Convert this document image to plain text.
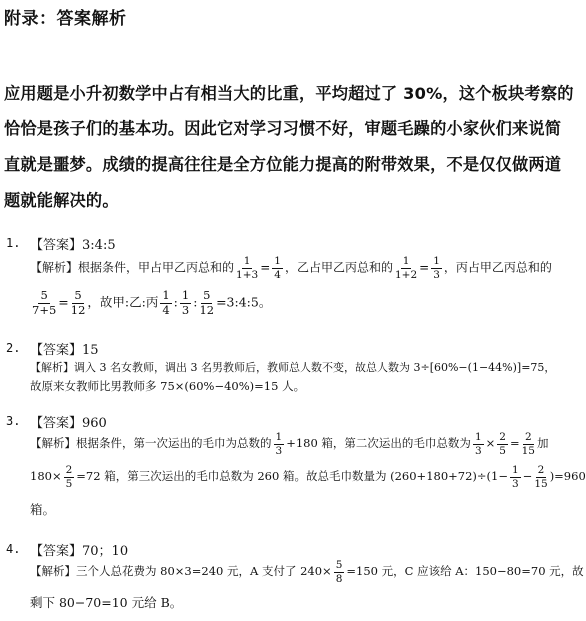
附录：答案解析
应用题是小升初数学中占有相当大的比重，平均超过了 30%，这个板块考察的
恰恰是孩子们的基本功。因此它对学习习惯不好，审题毛躁的小家伙们来说简
直就是噩梦。成绩的提高往往是全方位能力提高的附带效果，不是仅仅做两道
题就能解决的。
1. 【答案】3:4:5
【解析】根据条件，甲占甲乙丙总和的 $\frac{1}{1+3} = \frac{1}{4}$ ，乙占甲乙丙总和的 $\frac{1}{1+2} = \frac{1}{3}$ ，丙占甲乙丙总和的
$\frac{5}{7+5} = \frac{5}{12}$ ，故甲:乙:丙 $\frac{1}{4}$ : $\frac{1}{3}$ : $\frac{5}{12}$ =3:4:5。
2. 【答案】15
【解析】调入 3 名女教师，调出 3 名男教师后，教师总人数不变，故总人数为 3÷[60%−(1−44%)]=75，
故原来女教师比男教师多 75×(60%−40%)=15 人。
3. 【答案】960
【解析】根据条件，第一次运出的毛巾为总数的 $\frac{1}{3} +180$ 箱，第二次运出的毛巾总数为 $\frac{1}{3} \times \frac{2}{5} = \frac{2}{15}$ 加
$180\times \frac{2}{5} =72$ 箱，第三次运出的毛巾总数为 260 箱。故总毛巾数量为 $(260+180+72)\div(1- \frac{1}{3} - \frac{2}{15} )=960$
箱。
4. 【答案】70；10
【解析】三个人总花费为 80×3=240 元，A 支付了 $240\times \frac{5}{8} =150$ 元，C 应该给 A：150−80=70 元，故
剩下 80−70=10 元给 B。
